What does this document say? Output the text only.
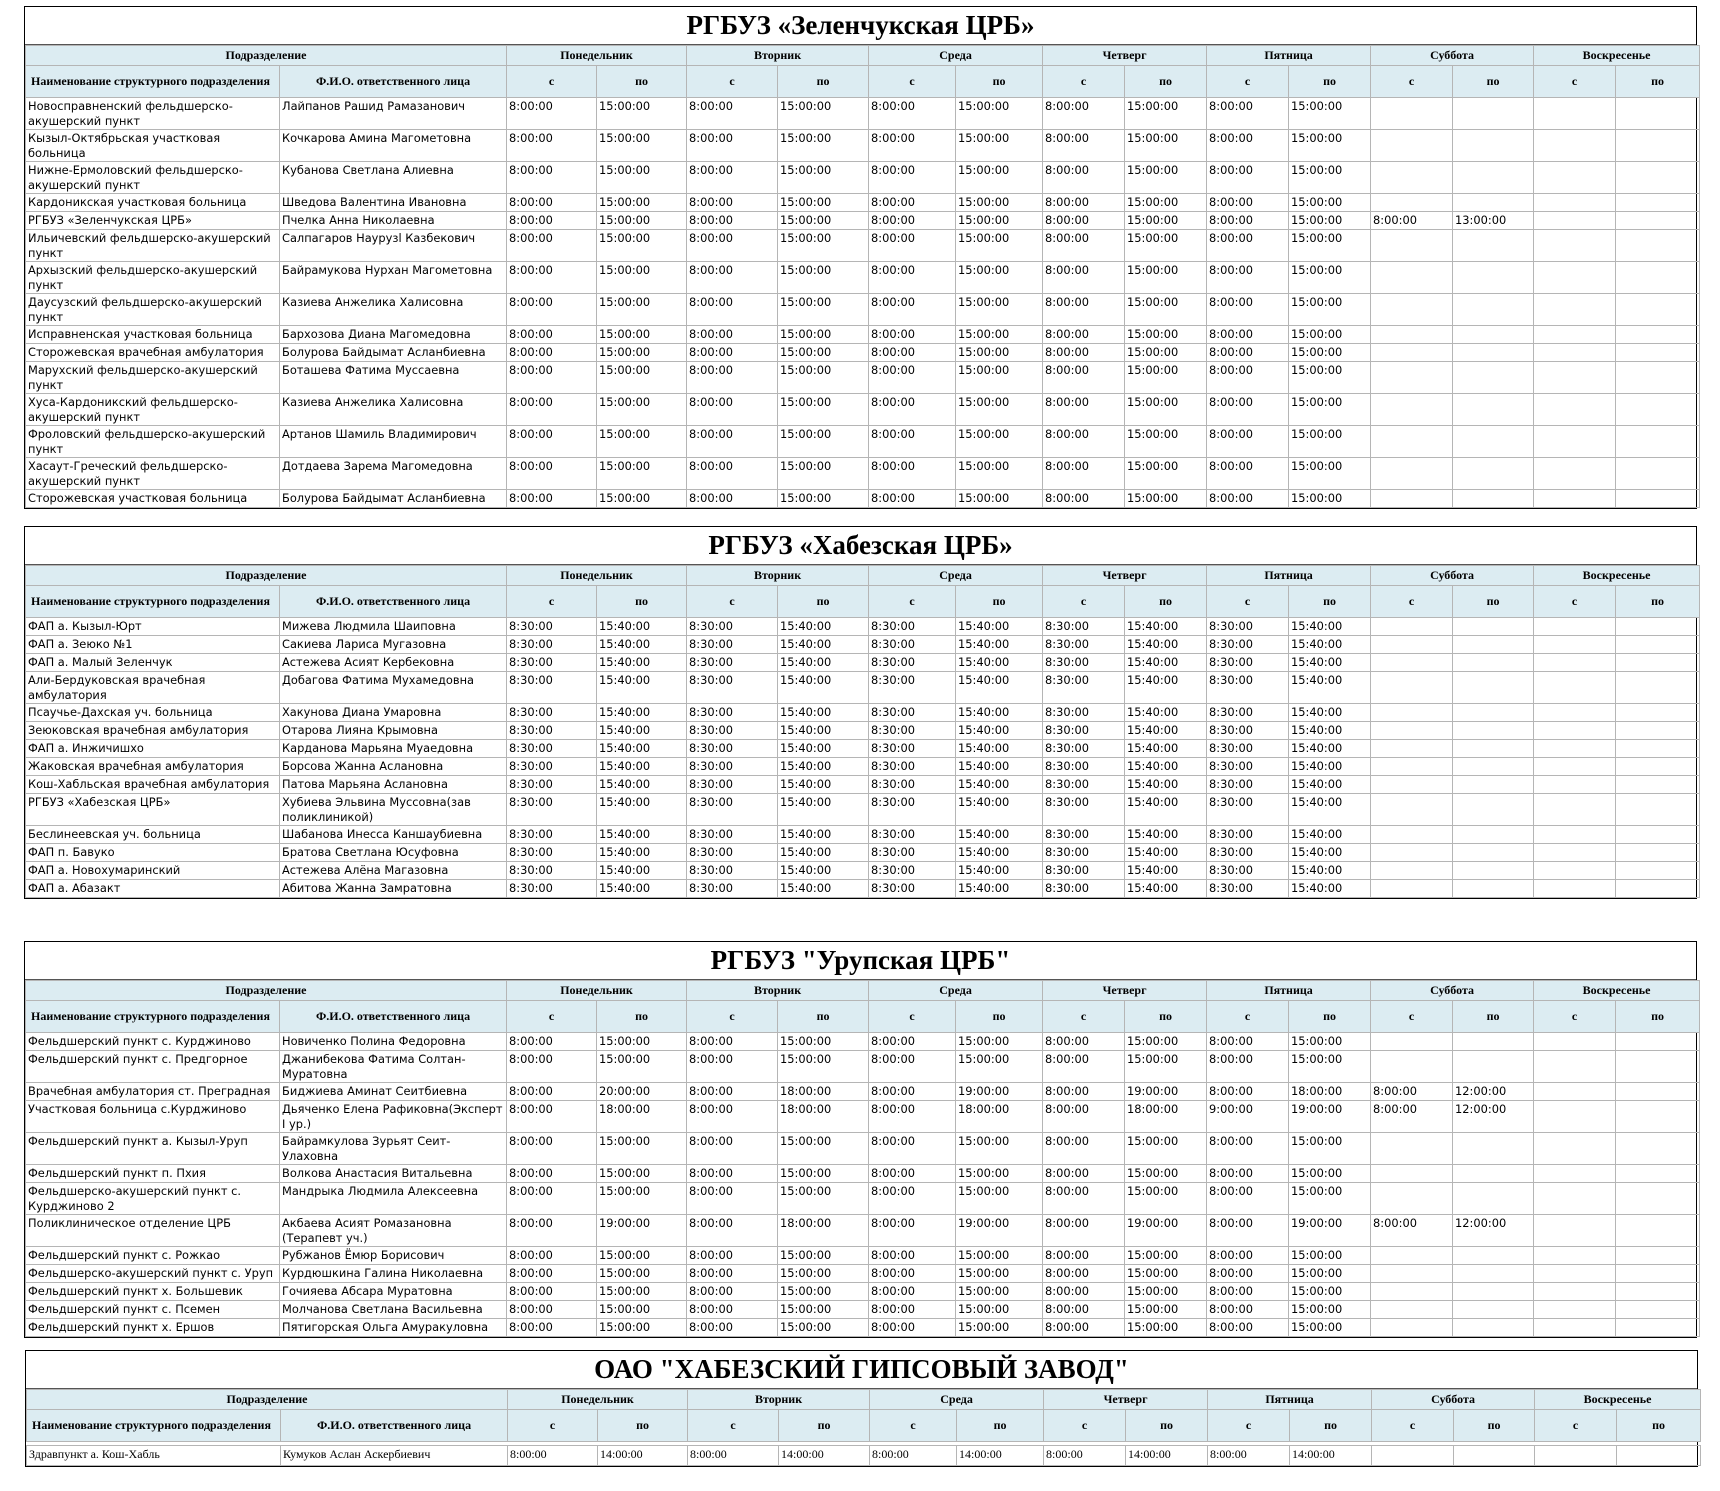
РГБУЗ «Зеленчукская ЦРБ»
Подразделение		Понедельник		Вторник		Среда		Четверг		Пятница		Суббота		Воскресенье	
Наименование структурного подразделения	Ф.И.О. ответственного лица	с	по	с	по	с	по	с	по	с	по	с	по	с	по
Новосправненский фельдшерско-акушерский пункт	Лайпанов Рашид Рамазанович	8:00:00	15:00:00	8:00:00	15:00:00	8:00:00	15:00:00	8:00:00	15:00:00	8:00:00	15:00:00				
Кызыл-Октябрьская участковая больница	Кочкарова Амина Магометовна	8:00:00	15:00:00	8:00:00	15:00:00	8:00:00	15:00:00	8:00:00	15:00:00	8:00:00	15:00:00				
Нижне-Ермоловский фельдшерско-акушерский пункт	Кубанова Светлана Алиевна	8:00:00	15:00:00	8:00:00	15:00:00	8:00:00	15:00:00	8:00:00	15:00:00	8:00:00	15:00:00				
Кардоникская участковая больница	Шведова Валентина Ивановна	8:00:00	15:00:00	8:00:00	15:00:00	8:00:00	15:00:00	8:00:00	15:00:00	8:00:00	15:00:00				
РГБУЗ «Зеленчукская ЦРБ»	Пчелка Анна Николаевна	8:00:00	15:00:00	8:00:00	15:00:00	8:00:00	15:00:00	8:00:00	15:00:00	8:00:00	15:00:00	8:00:00	13:00:00		
Ильичевский фельдшерско-акушерский пункт	Салпагаров Наурузl Казбекович	8:00:00	15:00:00	8:00:00	15:00:00	8:00:00	15:00:00	8:00:00	15:00:00	8:00:00	15:00:00				
Архызский фельдшерско-акушерский пункт	Байрамукова Нурхан Магометовна	8:00:00	15:00:00	8:00:00	15:00:00	8:00:00	15:00:00	8:00:00	15:00:00	8:00:00	15:00:00				
Даусузский фельдшерско-акушерский пункт	Казиева Анжелика Халисовна	8:00:00	15:00:00	8:00:00	15:00:00	8:00:00	15:00:00	8:00:00	15:00:00	8:00:00	15:00:00				
Исправненская участковая больница	Бархозова Диана Магомедовна	8:00:00	15:00:00	8:00:00	15:00:00	8:00:00	15:00:00	8:00:00	15:00:00	8:00:00	15:00:00				
Сторожевская врачебная амбулатория	Болурова Байдымат Асланбиевна	8:00:00	15:00:00	8:00:00	15:00:00	8:00:00	15:00:00	8:00:00	15:00:00	8:00:00	15:00:00				
Марухский фельдшерско-акушерский пункт	Боташева Фатима Муссаевна	8:00:00	15:00:00	8:00:00	15:00:00	8:00:00	15:00:00	8:00:00	15:00:00	8:00:00	15:00:00				
Хуса-Кардоникский фельдшерско-акушерский пункт	Казиева Анжелика Халисовна	8:00:00	15:00:00	8:00:00	15:00:00	8:00:00	15:00:00	8:00:00	15:00:00	8:00:00	15:00:00				
Фроловский фельдшерско-акушерский пункт	Артанов Шамиль Владимирович	8:00:00	15:00:00	8:00:00	15:00:00	8:00:00	15:00:00	8:00:00	15:00:00	8:00:00	15:00:00				
Хасаут-Греческий фельдшерско-акушерский пункт	Дотдаева Зарема Магомедовна	8:00:00	15:00:00	8:00:00	15:00:00	8:00:00	15:00:00	8:00:00	15:00:00	8:00:00	15:00:00				
Сторожевская участковая больница	Болурова Байдымат Асланбиевна	8:00:00	15:00:00	8:00:00	15:00:00	8:00:00	15:00:00	8:00:00	15:00:00	8:00:00	15:00:00				
РГБУЗ «Хабезская ЦРБ»
Подразделение		Понедельник		Вторник		Среда		Четверг		Пятница		Суббота		Воскресенье	
Наименование структурного подразделения	Ф.И.О. ответственного лица	с	по	с	по	с	по	с	по	с	по	с	по	с	по
ФАП а. Кызыл-Юрт	Мижева Людмила Шаиповна	8:30:00	15:40:00	8:30:00	15:40:00	8:30:00	15:40:00	8:30:00	15:40:00	8:30:00	15:40:00				
ФАП а. Зеюко №1	Сакиева Лариса Мугазовна	8:30:00	15:40:00	8:30:00	15:40:00	8:30:00	15:40:00	8:30:00	15:40:00	8:30:00	15:40:00				
ФАП а. Малый Зеленчук	Астежева Асият Кербековна	8:30:00	15:40:00	8:30:00	15:40:00	8:30:00	15:40:00	8:30:00	15:40:00	8:30:00	15:40:00				
Али-Бердуковская врачебная амбулатория	Добагова Фатима Мухамедовна	8:30:00	15:40:00	8:30:00	15:40:00	8:30:00	15:40:00	8:30:00	15:40:00	8:30:00	15:40:00				
Псаучье-Дахская уч. больница	Хакунова Диана Умаровна	8:30:00	15:40:00	8:30:00	15:40:00	8:30:00	15:40:00	8:30:00	15:40:00	8:30:00	15:40:00				
Зеюковская врачебная амбулатория	Отарова Лияна Крымовна	8:30:00	15:40:00	8:30:00	15:40:00	8:30:00	15:40:00	8:30:00	15:40:00	8:30:00	15:40:00				
ФАП а. Инжичишхо	Карданова Марьяна Муаедовна	8:30:00	15:40:00	8:30:00	15:40:00	8:30:00	15:40:00	8:30:00	15:40:00	8:30:00	15:40:00				
Жаковская врачебная амбулатория	Борсова Жанна Аслановна	8:30:00	15:40:00	8:30:00	15:40:00	8:30:00	15:40:00	8:30:00	15:40:00	8:30:00	15:40:00				
Кош-Хабльская врачебная амбулатория	Патова Марьяна Аслановна	8:30:00	15:40:00	8:30:00	15:40:00	8:30:00	15:40:00	8:30:00	15:40:00	8:30:00	15:40:00				
РГБУЗ «Хабезская ЦРБ»	Хубиева Эльвина Муссовна(зав поликлиникой)	8:30:00	15:40:00	8:30:00	15:40:00	8:30:00	15:40:00	8:30:00	15:40:00	8:30:00	15:40:00				
Беслинеевская уч. больница	Шабанова Инесса Каншаубиевна	8:30:00	15:40:00	8:30:00	15:40:00	8:30:00	15:40:00	8:30:00	15:40:00	8:30:00	15:40:00				
ФАП п. Бавуко	Братова Светлана Юсуфовна	8:30:00	15:40:00	8:30:00	15:40:00	8:30:00	15:40:00	8:30:00	15:40:00	8:30:00	15:40:00				
ФАП а. Новохумаринский	Астежева Алёна Магазовна	8:30:00	15:40:00	8:30:00	15:40:00	8:30:00	15:40:00	8:30:00	15:40:00	8:30:00	15:40:00				
ФАП а. Абазакт	Абитова Жанна Замратовна	8:30:00	15:40:00	8:30:00	15:40:00	8:30:00	15:40:00	8:30:00	15:40:00	8:30:00	15:40:00				
РГБУЗ "Урупская ЦРБ"
Подразделение		Понедельник		Вторник		Среда		Четверг		Пятница		Суббота		Воскресенье	
Наименование структурного подразделения	Ф.И.О. ответственного лица	с	по	с	по	с	по	с	по	с	по	с	по	с	по
Фельдшерский пункт с. Курджиново	Новиченко Полина Федоровна	8:00:00	15:00:00	8:00:00	15:00:00	8:00:00	15:00:00	8:00:00	15:00:00	8:00:00	15:00:00				
Фельдшерский пункт с. Предгорное	Джанибекова Фатима Солтан-Муратовна	8:00:00	15:00:00	8:00:00	15:00:00	8:00:00	15:00:00	8:00:00	15:00:00	8:00:00	15:00:00				
Врачебная амбулатория ст. Преградная	Биджиева Аминат Сеитбиевна	8:00:00	20:00:00	8:00:00	18:00:00	8:00:00	19:00:00	8:00:00	19:00:00	8:00:00	18:00:00	8:00:00	12:00:00		
Участковая больница с.Курджиново	Дьяченко Елена Рафиковна(Эксперт I ур.)	8:00:00	18:00:00	8:00:00	18:00:00	8:00:00	18:00:00	8:00:00	18:00:00	9:00:00	19:00:00	8:00:00	12:00:00		
Фельдшерский пункт а. Кызыл-Уруп	Байрамкулова Зурьят Сеит-Улаховна	8:00:00	15:00:00	8:00:00	15:00:00	8:00:00	15:00:00	8:00:00	15:00:00	8:00:00	15:00:00				
Фельдшерский пункт п. Пхия	Волкова Анастасия Витальевна	8:00:00	15:00:00	8:00:00	15:00:00	8:00:00	15:00:00	8:00:00	15:00:00	8:00:00	15:00:00				
Фельдшерско-акушерский пункт с. Курджиново 2	Мандрыка Людмила Алексеевна	8:00:00	15:00:00	8:00:00	15:00:00	8:00:00	15:00:00	8:00:00	15:00:00	8:00:00	15:00:00				
Поликлиническое отделение ЦРБ	Акбаева Асият Ромазановна (Терапевт уч.)	8:00:00	19:00:00	8:00:00	18:00:00	8:00:00	19:00:00	8:00:00	19:00:00	8:00:00	19:00:00	8:00:00	12:00:00		
Фельдшерский пункт с. Рожкао	Рубжанов Ёмюр Борисович	8:00:00	15:00:00	8:00:00	15:00:00	8:00:00	15:00:00	8:00:00	15:00:00	8:00:00	15:00:00				
Фельдшерско-акушерский пункт с. Уруп	Курдюшкина Галина Николаевна	8:00:00	15:00:00	8:00:00	15:00:00	8:00:00	15:00:00	8:00:00	15:00:00	8:00:00	15:00:00				
Фельдшерский пункт х. Большевик	Гочияева Абсара Муратовна	8:00:00	15:00:00	8:00:00	15:00:00	8:00:00	15:00:00	8:00:00	15:00:00	8:00:00	15:00:00				
Фельдшерский пункт с. Псемен	Молчанова Светлана Васильевна	8:00:00	15:00:00	8:00:00	15:00:00	8:00:00	15:00:00	8:00:00	15:00:00	8:00:00	15:00:00				
Фельдшерский пункт х. Ершов	Пятигорская Ольга Амуракуловна	8:00:00	15:00:00	8:00:00	15:00:00	8:00:00	15:00:00	8:00:00	15:00:00	8:00:00	15:00:00				
ОАО "ХАБЕЗСКИЙ ГИПСОВЫЙ ЗАВОД"
Подразделение		Понедельник		Вторник		Среда		Четверг		Пятница		Суббота		Воскресенье	
Наименование структурного подразделения	Ф.И.О. ответственного лица	с	по	с	по	с	по	с	по	с	по	с	по	с	по

Здравпункт а. Кош-Хабль	Кумуков Аслан Аскербиевич	8:00:00	14:00:00	8:00:00	14:00:00	8:00:00	14:00:00	8:00:00	14:00:00	8:00:00	14:00:00				
